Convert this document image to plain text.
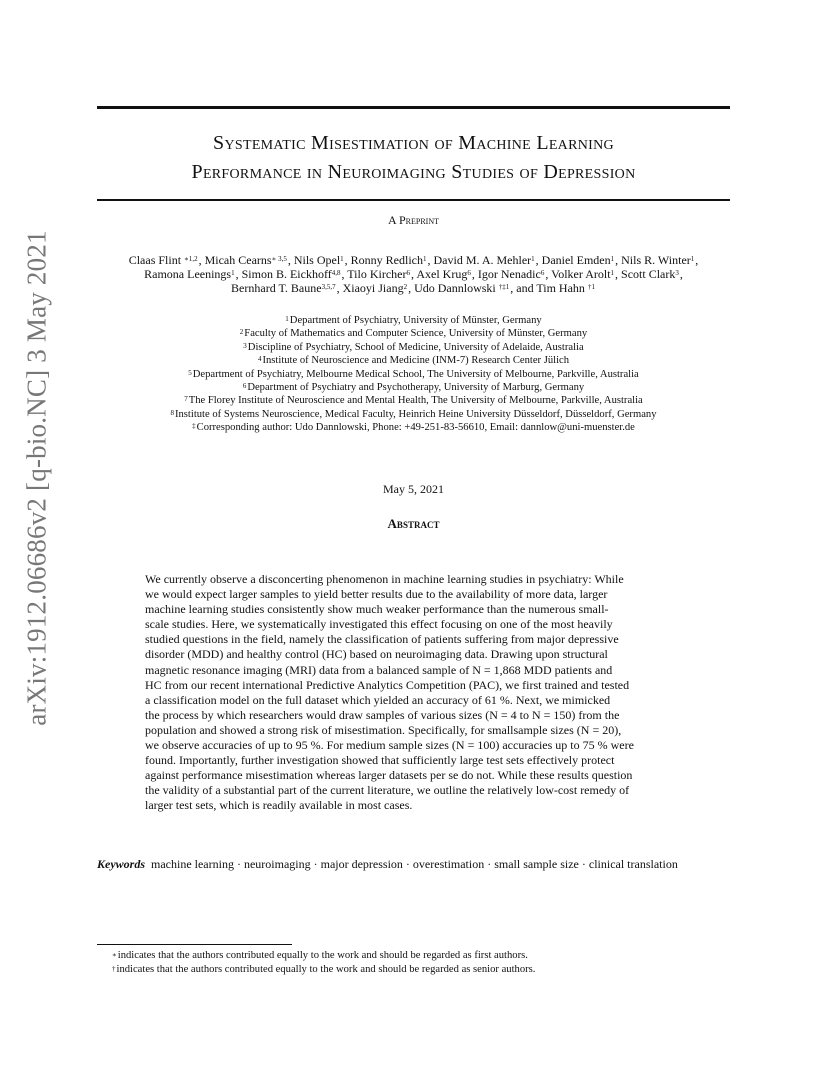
arXiv:1912.06686v2 [q-bio.NC] 3 May 2021
Systematic Misestimation of Machine Learning
Performance in Neuroimaging Studies of Depression
A Preprint
Claas Flint $^{∗1,2}$, Micah Cearns$^{∗ 3,5}$, Nils Opel$^1$, Ronny Redlich$^1$, David M. A. Mehler$^1$, Daniel Emden$^1$, Nils R. Winter$^1$,
Ramona Leenings$^1$, Simon B. Eickhoff$^{4,8}$, Tilo Kircher$^6$, Axel Krug$^6$, Igor Nenadic$^6$, Volker Arolt$^1$, Scott Clark$^3$,
Bernhard T. Baune$^{3,5,7}$, Xiaoyi Jiang$^2$, Udo Dannlowski $^{\dagger\ddagger 1}$, and Tim Hahn $^{\dagger 1}$
$^1$Department of Psychiatry, University of Münster, Germany
$^2$Faculty of Mathematics and Computer Science, University of Münster, Germany
$^3$Discipline of Psychiatry, School of Medicine, University of Adelaide, Australia
$^4$Institute of Neuroscience and Medicine (INM-7) Research Center Jülich
$^5$Department of Psychiatry, Melbourne Medical School, The University of Melbourne, Parkville, Australia
$^6$Department of Psychiatry and Psychotherapy, University of Marburg, Germany
$^7$The Florey Institute of Neuroscience and Mental Health, The University of Melbourne, Parkville, Australia
$^8$Institute of Systems Neuroscience, Medical Faculty, Heinrich Heine University Düsseldorf, Düsseldorf, Germany
‡Corresponding author: Udo Dannlowski, Phone: +49-251-83-56610, Email: dannlow@uni-muenster.de
May 5, 2021
Abstract
We currently observe a disconcerting phenomenon in machine learning studies in psychiatry: While
we would expect larger samples to yield better results due to the availability of more data, larger
machine learning studies consistently show much weaker performance than the numerous small-
scale studies. Here, we systematically investigated this effect focusing on one of the most heavily
studied questions in the field, namely the classification of patients suffering from major depressive
disorder (MDD) and healthy control (HC) based on neuroimaging data. Drawing upon structural
magnetic resonance imaging (MRI) data from a balanced sample of N = 1,868 MDD patients and
HC from our recent international Predictive Analytics Competition (PAC), we first trained and tested
a classification model on the full dataset which yielded an accuracy of 61 %. Next, we mimicked
the process by which researchers would draw samples of various sizes (N = 4 to N = 150) from the
population and showed a strong risk of misestimation. Specifically, for smallsample sizes (N = 20),
we observe accuracies of up to 95 %. For medium sample sizes (N = 100) accuracies up to 75 % were
found. Importantly, further investigation showed that sufficiently large test sets effectively protect
against performance misestimation whereas larger datasets per se do not. While these results question
the validity of a substantial part of the current literature, we outline the relatively low-cost remedy of
larger test sets, which is readily available in most cases.
Keywords machine learning · neuroimaging · major depression · overestimation · small sample size · clinical translation
∗indicates that the authors contributed equally to the work and should be regarded as first authors.
†indicates that the authors contributed equally to the work and should be regarded as senior authors.
